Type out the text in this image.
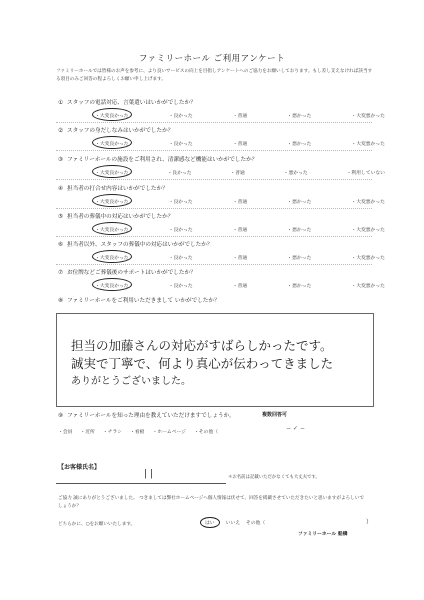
ファミリーホール ご利用アンケート
ファミリーホールでは皆様のお声を参考に、より良いサービスの向上を目指しアンケートへのご協力をお願いしております。もし差し支えなければ該当する項目のみご回答の程よろしくお願い申し上げます。
① スタッフの電話対応、言葉遣いはいかがでしたか？
・ 大変良かった	・ 良かった	・ 普通	・ 悪かった	・ 大変悪かった
② スタッフの身だしなみはいかがでしたか？
・ 大変良かった	・ 良かった	・ 普通	・ 悪かった	・ 大変悪かった
③ ファミリーホールの施設をご利用され、清潔感など機能はいかがでしたか？
・ 大変良かった	・ 良かった	・ 普通	・ 悪かった	・ 利用していない
④ 担当者の打合せ内容はいかがでしたか？
・ 大変良かった	・ 良かった	・ 普通	・ 悪かった	・ 大変悪かった
⑤ 担当者の葬儀中の対応はいかがでしたか？
・ 大変良かった	・ 良かった	・ 普通	・ 悪かった	・ 大変悪かった
⑥ 担当者以外、スタッフの葬儀中の対応はいかがでしたか？
・ 大変良かった	・ 良かった	・ 普通	・ 悪かった	・ 大変悪かった
⑦ お位牌などご葬儀後のサポートはいかがでしたか？
・ 大変良かった	・ 良かった	・ 普通	・ 悪かった	・ 大変悪かった
⑧ ファミリーホールをご利用いただきまして いかがでしたか？
担当の加藤さんの対応がすばらしかったです。
誠実で丁寧で、何より真心が伝わってきました
ありがとうございました。
⑨ ファミリーホールを知った理由を教えていただけますでしょうか。	複数回答可
・ 会員	・ 近所	・ チラシ	・ 看板	・ ホームページ	・ その他（
− ✓ −
【お客様氏名】
| |	＊お名前は記載いただかなくても大丈夫です。
ご協力 誠にありがとうございました。 つきましては弊社ホームページへ個人情報は伏せて、回答を掲載させていただきたいと思いますがよろしいでしょうか？
どちらかに、○をお願いいたします。	はい	いいえ その他（	）
ファミリーホール 船橋
